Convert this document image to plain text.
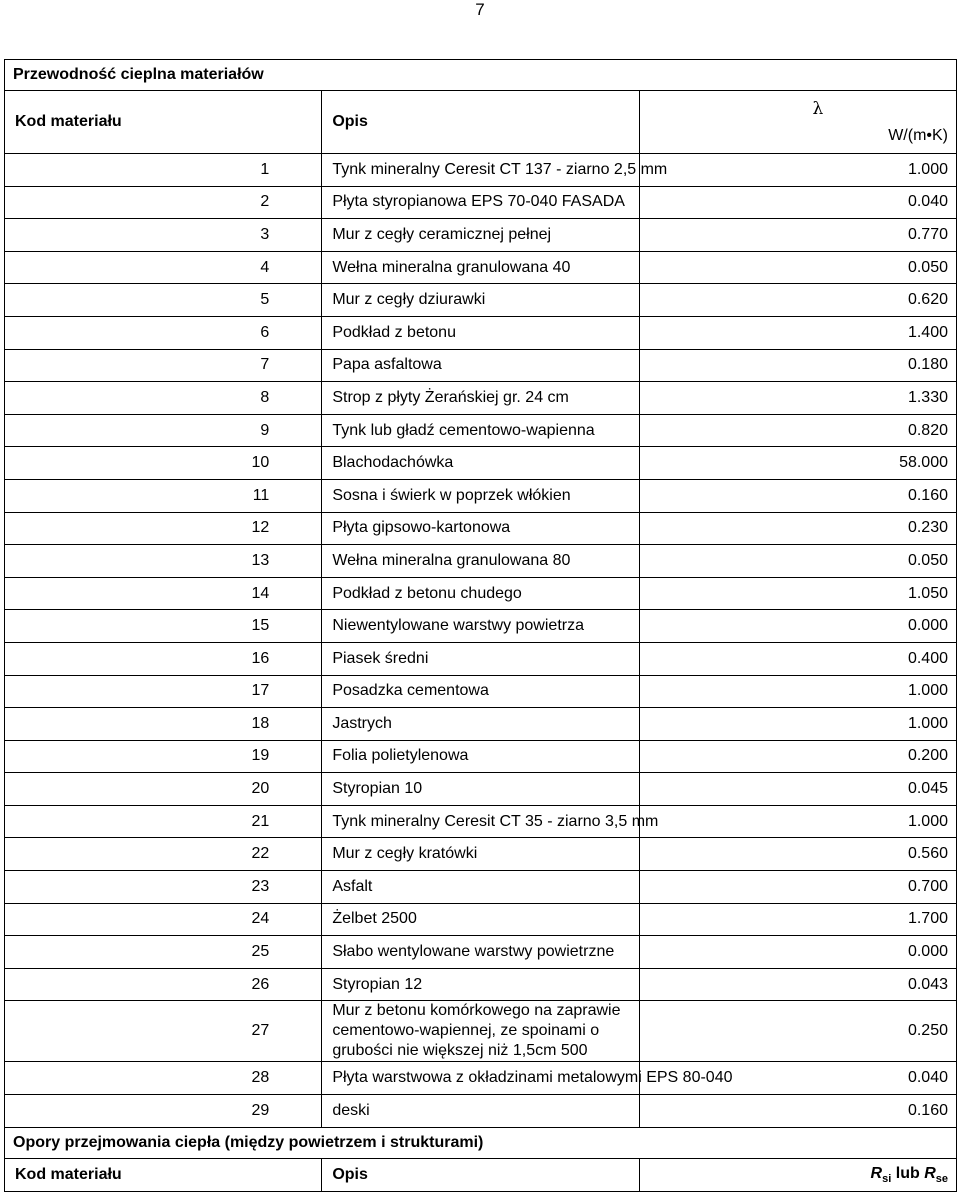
7
Przewodność cieplna materiałów		
Kod materiału	Opis	λ
W/(m•K)

1	Tynk mineralny Ceresit CT 137 - ziarno 2,5 mm	1.000
2	Płyta styropianowa EPS 70-040 FASADA	0.040
3	Mur z cegły ceramicznej pełnej	0.770
4	Wełna mineralna granulowana 40	0.050
5	Mur z cegły dziurawki	0.620
6	Podkład z betonu	1.400
7	Papa asfaltowa	0.180
8	Strop z płyty Żerańskiej gr. 24 cm	1.330
9	Tynk lub gładź cementowo-wapienna	0.820
10	Blachodachówka	58.000
11	Sosna i świerk w poprzek włókien	0.160
12	Płyta gipsowo-kartonowa	0.230
13	Wełna mineralna granulowana 80	0.050
14	Podkład z betonu chudego	1.050
15	Niewentylowane warstwy powietrza	0.000
16	Piasek średni	0.400
17	Posadzka cementowa	1.000
18	Jastrych	1.000
19	Folia polietylenowa	0.200
20	Styropian 10	0.045
21	Tynk mineralny Ceresit CT 35 - ziarno 3,5 mm	1.000
22	Mur z cegły kratówki	0.560
23	Asfalt	0.700
24	Żelbet 2500	1.700
25	Słabo wentylowane warstwy powietrzne	0.000
26	Styropian 12	0.043
27	Mur z betonu komórkowego na zaprawie cementowo-wapiennej, ze spoinami o grubości nie większej niż 1,5cm 500	0.250
28	Płyta warstwowa z okładzinami metalowymi EPS 80-040	0.040
29	deski	0.160
Opory przejmowania ciepła (między powietrzem i strukturami)		
Kod materiału	Opis	$R_{si}$ lub $R_{se}$
